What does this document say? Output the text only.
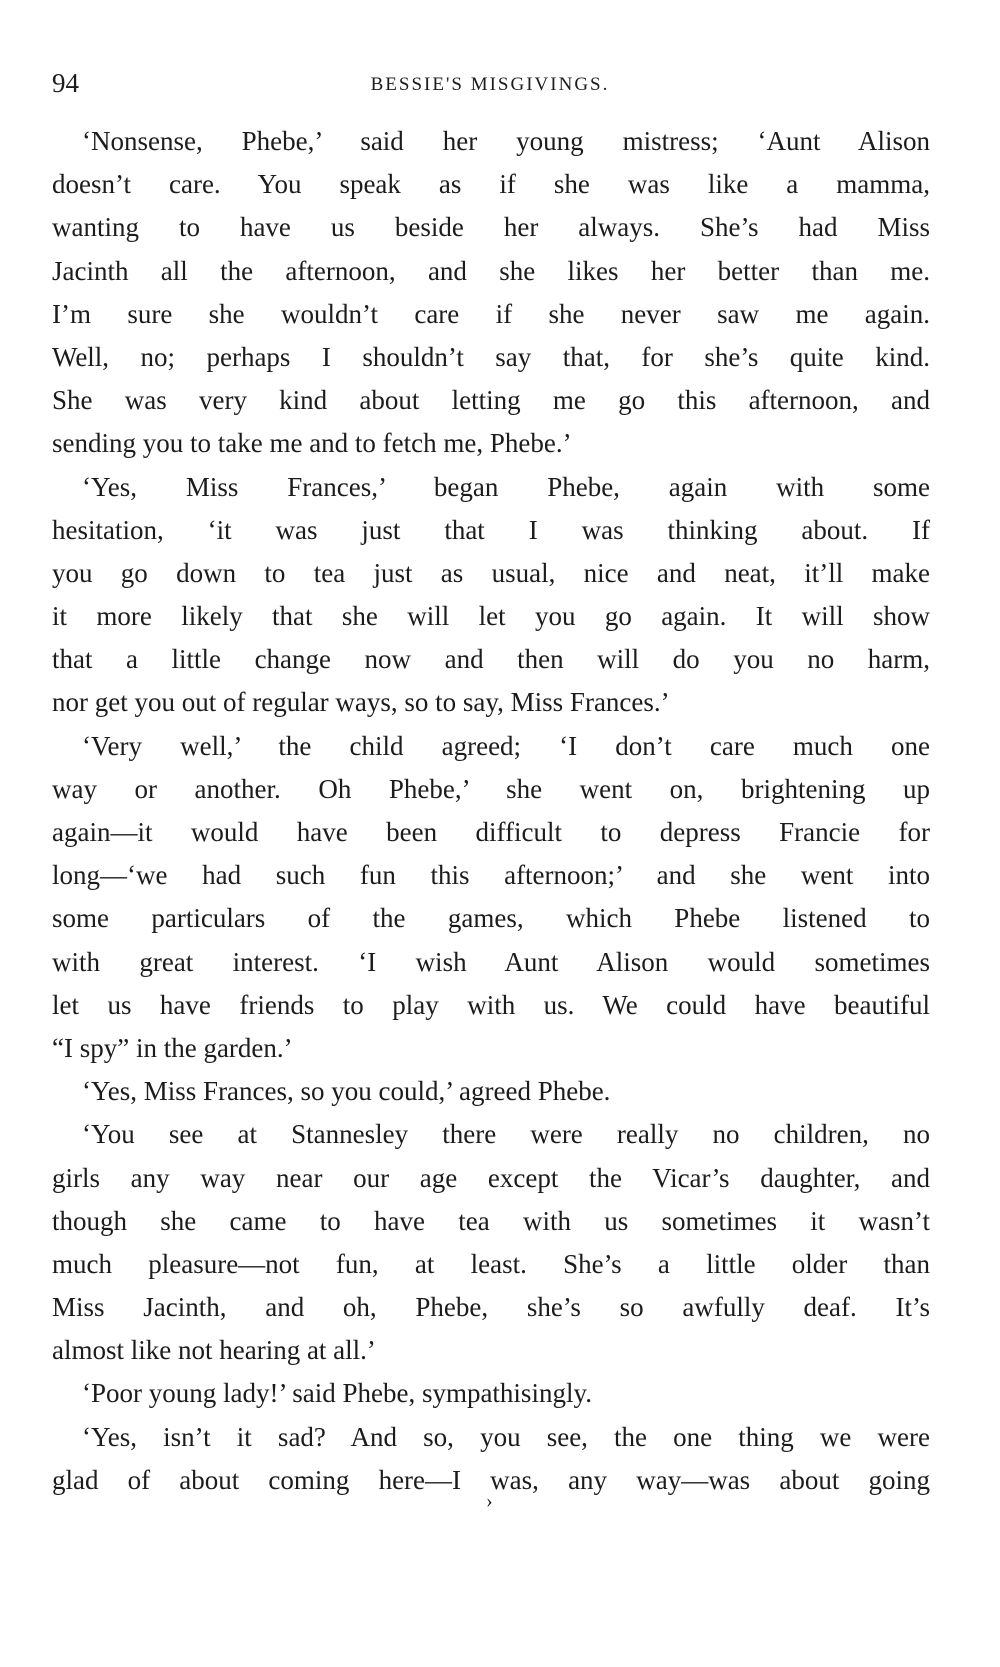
94	BESSIE'S MISGIVINGS.
‘Nonsense, Phebe,’ said her young mistress; ‘Aunt Alison
doesn’t care. You speak as if she was like a mamma,
wanting to have us beside her always. She’s had Miss
Jacinth all the afternoon, and she likes her better than me.
I’m sure she wouldn’t care if she never saw me again.
Well, no; perhaps I shouldn’t say that, for she’s quite kind.
She was very kind about letting me go this afternoon, and
sending you to take me and to fetch me, Phebe.’
‘Yes, Miss Frances,’ began Phebe, again with some
hesitation, ‘it was just that I was thinking about. If
you go down to tea just as usual, nice and neat, it’ll make
it more likely that she will let you go again. It will show
that a little change now and then will do you no harm,
nor get you out of regular ways, so to say, Miss Frances.’
‘Very well,’ the child agreed; ‘I don’t care much one
way or another. Oh Phebe,’ she went on, brightening up
again—it would have been difficult to depress Francie for
long—‘we had such fun this afternoon;’ and she went into
some particulars of the games, which Phebe listened to
with great interest. ‘I wish Aunt Alison would sometimes
let us have friends to play with us. We could have beautiful
“I spy” in the garden.’
‘Yes, Miss Frances, so you could,’ agreed Phebe.
‘You see at Stannesley there were really no children, no
girls any way near our age except the Vicar’s daughter, and
though she came to have tea with us sometimes it wasn’t
much pleasure—not fun, at least. She’s a little older than
Miss Jacinth, and oh, Phebe, she’s so awfully deaf. It’s
almost like not hearing at all.’
‘Poor young lady!’ said Phebe, sympathisingly.
‘Yes, isn’t it sad? And so, you see, the one thing we were
glad of about coming here—I was, any way—was about going
›
